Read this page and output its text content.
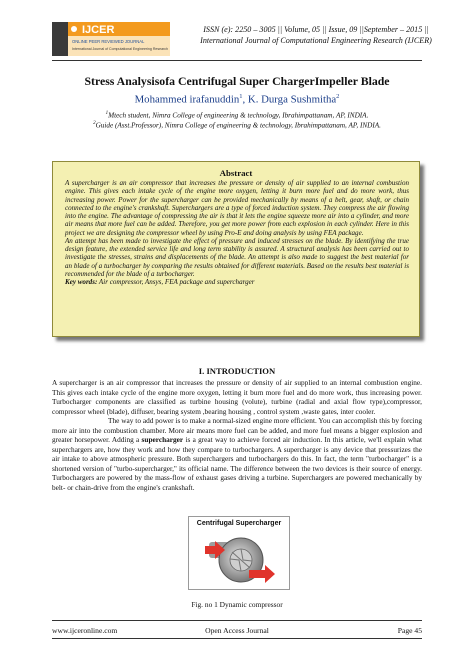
IJCER
ONLINE PEER REVIEWED JOURNAL
International Journal of Computational Engineering Research
ISSN (e): 2250 – 3005 || Volume, 05 || Issue, 09 ||September – 2015 ||
International Journal of Computational Engineering Research (IJCER)
Stress Analysisofa Centrifugal Super ChargerImpeller Blade
Mohammed irafanuddin$^1$, K. Durga Sushmitha$^2$
$^1$Mtech student, Nimra College of engineering & technology, Ibrahimpattanam, AP, INDIA.
$^2$Guide (Asst.Professor), Nimra College of engineering & technology, Ibrahimpattanam, AP, INDIA.
Abstract

A supercharger is an air compressor that increases the pressure or density of air supplied to an internal combustion engine. This gives each intake cycle of the engine more oxygen, letting it burn more fuel and do more work, thus increasing power. Power for the supercharger can be provided mechanically by means of a belt, gear, shaft, or chain connected to the engine's crankshaft. Superchargers are a type of forced induction system. They compress the air flowing into the engine. The advantage of compressing the air is that it lets the engine squeeze more air into a cylinder, and more air means that more fuel can be added. Therefore, you get more power from each explosion in each cylinder. Here in this project we are designing the compressor wheel by using Pro-E and doing analysis by using FEA package.

An attempt has been made to investigate the effect of pressure and induced stresses on the blade. By identifying the true design feature, the extended service life and long term stability is assured. A structural analysis has been carried out to investigate the stresses, strains and displacements of the blade. An attempt is also made to suggest the best material for an blade of a turbocharger by comparing the results obtained for different materials. Based on the results best material is recommended for the blade of a turbocharger.

Key words: Air compressor, Ansys, FEA package and supercharger

I. INTRODUCTION

A supercharger is an air compressor that increases the pressure or density of air supplied to an internal combustion engine. This gives each intake cycle of the engine more oxygen, letting it burn more fuel and do more work, thus increasing power. Turbocharger components are classified as turbine housing (volute), turbine (radial and axial flow type),compressor, compressor wheel (blade), diffuser, bearing system ,bearing housing , control system ,waste gates, inter cooler.

The way to add power is to make a normal-sized engine more efficient. You can accomplish this by forcing more air into the combustion chamber. More air means more fuel can be added, and more fuel means a bigger explosion and greater horsepower. Adding a supercharger is a great way to achieve forced air induction. In this article, we'll explain what superchargers are, how they work and how they compare to turbochargers. A supercharger is any device that pressurizes the air intake to above atmospheric pressure. Both superchargers and turbochargers do this. In fact, the term "turbocharger" is a shortened version of "turbo-supercharger," its official name. The difference between the two devices is their source of energy. Turbochargers are powered by the mass-flow of exhaust gases driving a turbine. Superchargers are powered mechanically by belt- or chain-drive from the engine's crankshaft.

Centrifugal Supercharger
Fig. no 1 Dynamic compressor
www.ijceronline.com	Open Access Journal	Page 45
